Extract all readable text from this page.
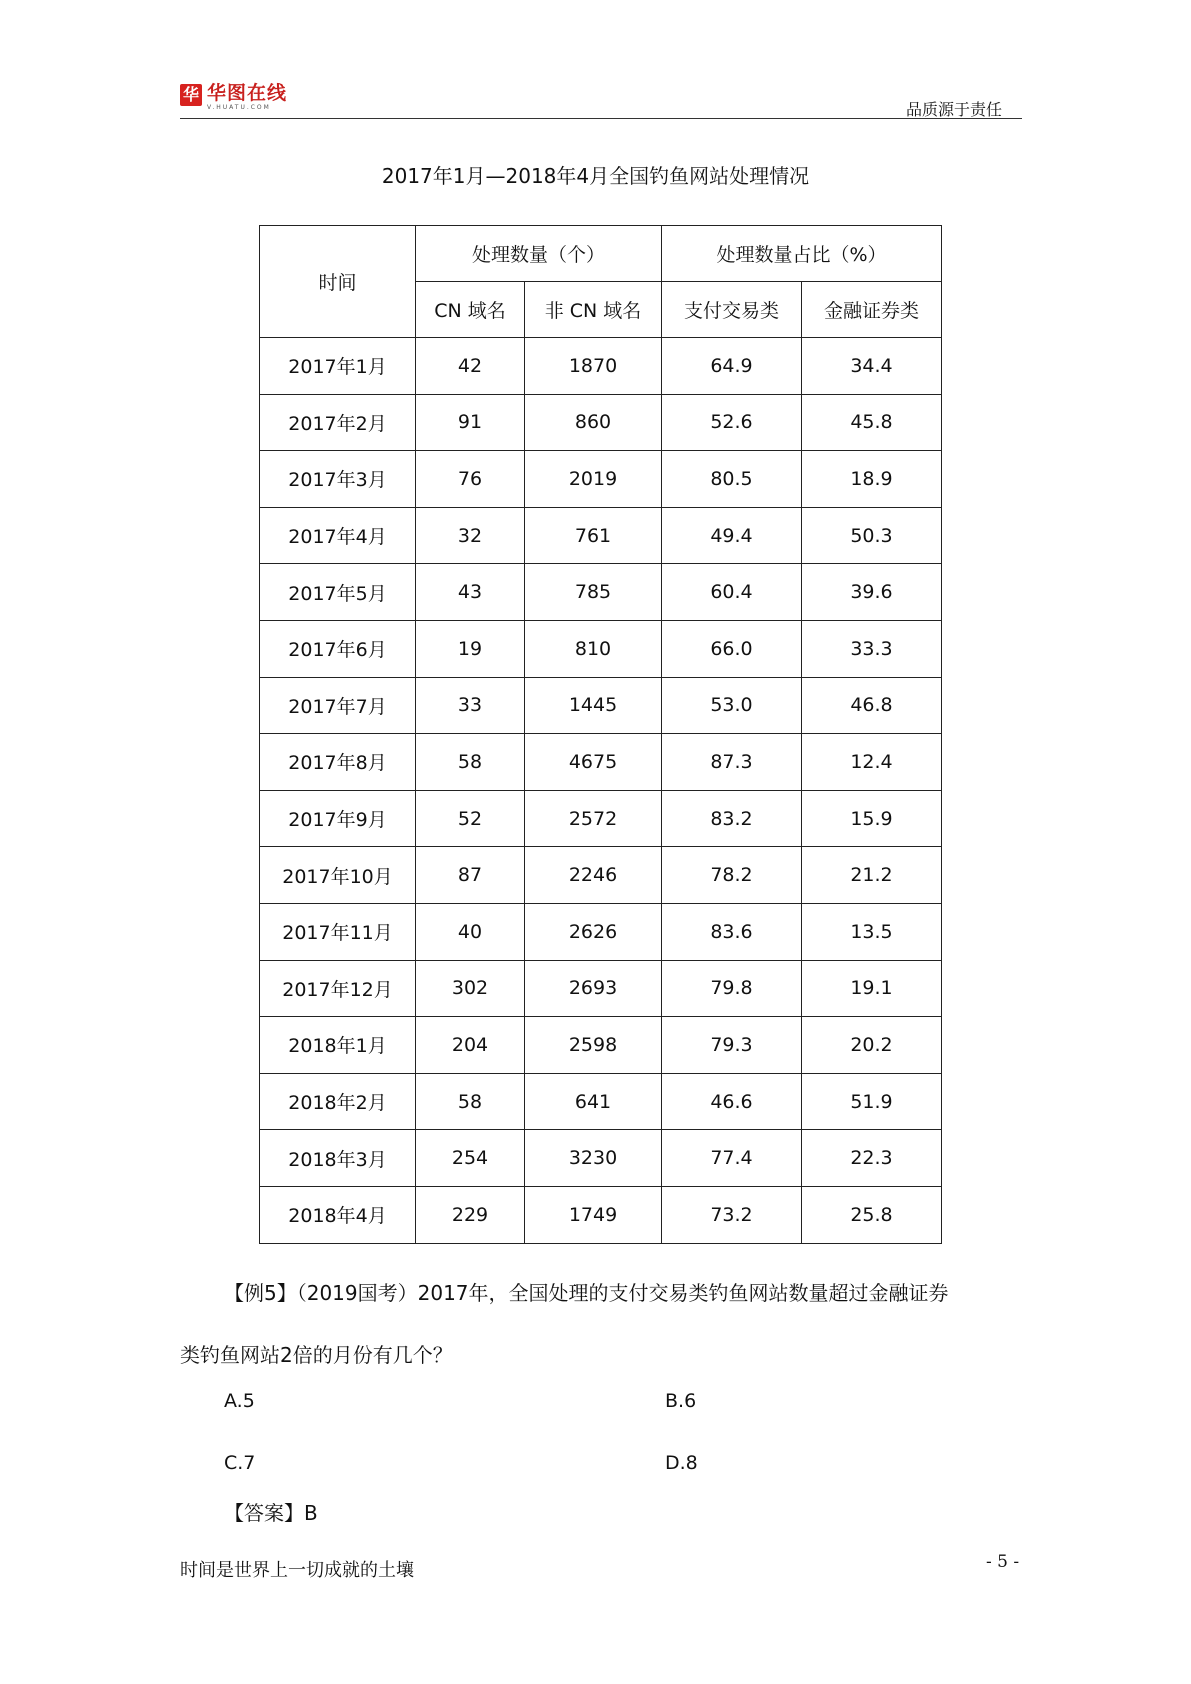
华 华图在线
V.HUATU.COM	品质源于责任
2017年1月—2018年4月全国钓鱼网站处理情况
时间	处理数量（个）		处理数量占比（%）	
	CN 域名	非 CN 域名	支付交易类	金融证券类
2017年1月	42	1870	64.9	34.4
2017年2月	91	860	52.6	45.8
2017年3月	76	2019	80.5	18.9
2017年4月	32	761	49.4	50.3
2017年5月	43	785	60.4	39.6
2017年6月	19	810	66.0	33.3
2017年7月	33	1445	53.0	46.8
2017年8月	58	4675	87.3	12.4
2017年9月	52	2572	83.2	15.9
2017年10月	87	2246	78.2	21.2
2017年11月	40	2626	83.6	13.5
2017年12月	302	2693	79.8	19.1
2018年1月	204	2598	79.3	20.2
2018年2月	58	641	46.6	51.9
2018年3月	254	3230	77.4	22.3
2018年4月	229	1749	73.2	25.8
【例5】（2019国考）2017年，全国处理的支付交易类钓鱼网站数量超过金融证券
类钓鱼网站2倍的月份有几个？
A.5	B.6
C.7	D.8
【答案】B
时间是世界上一切成就的土壤	- 5 -
